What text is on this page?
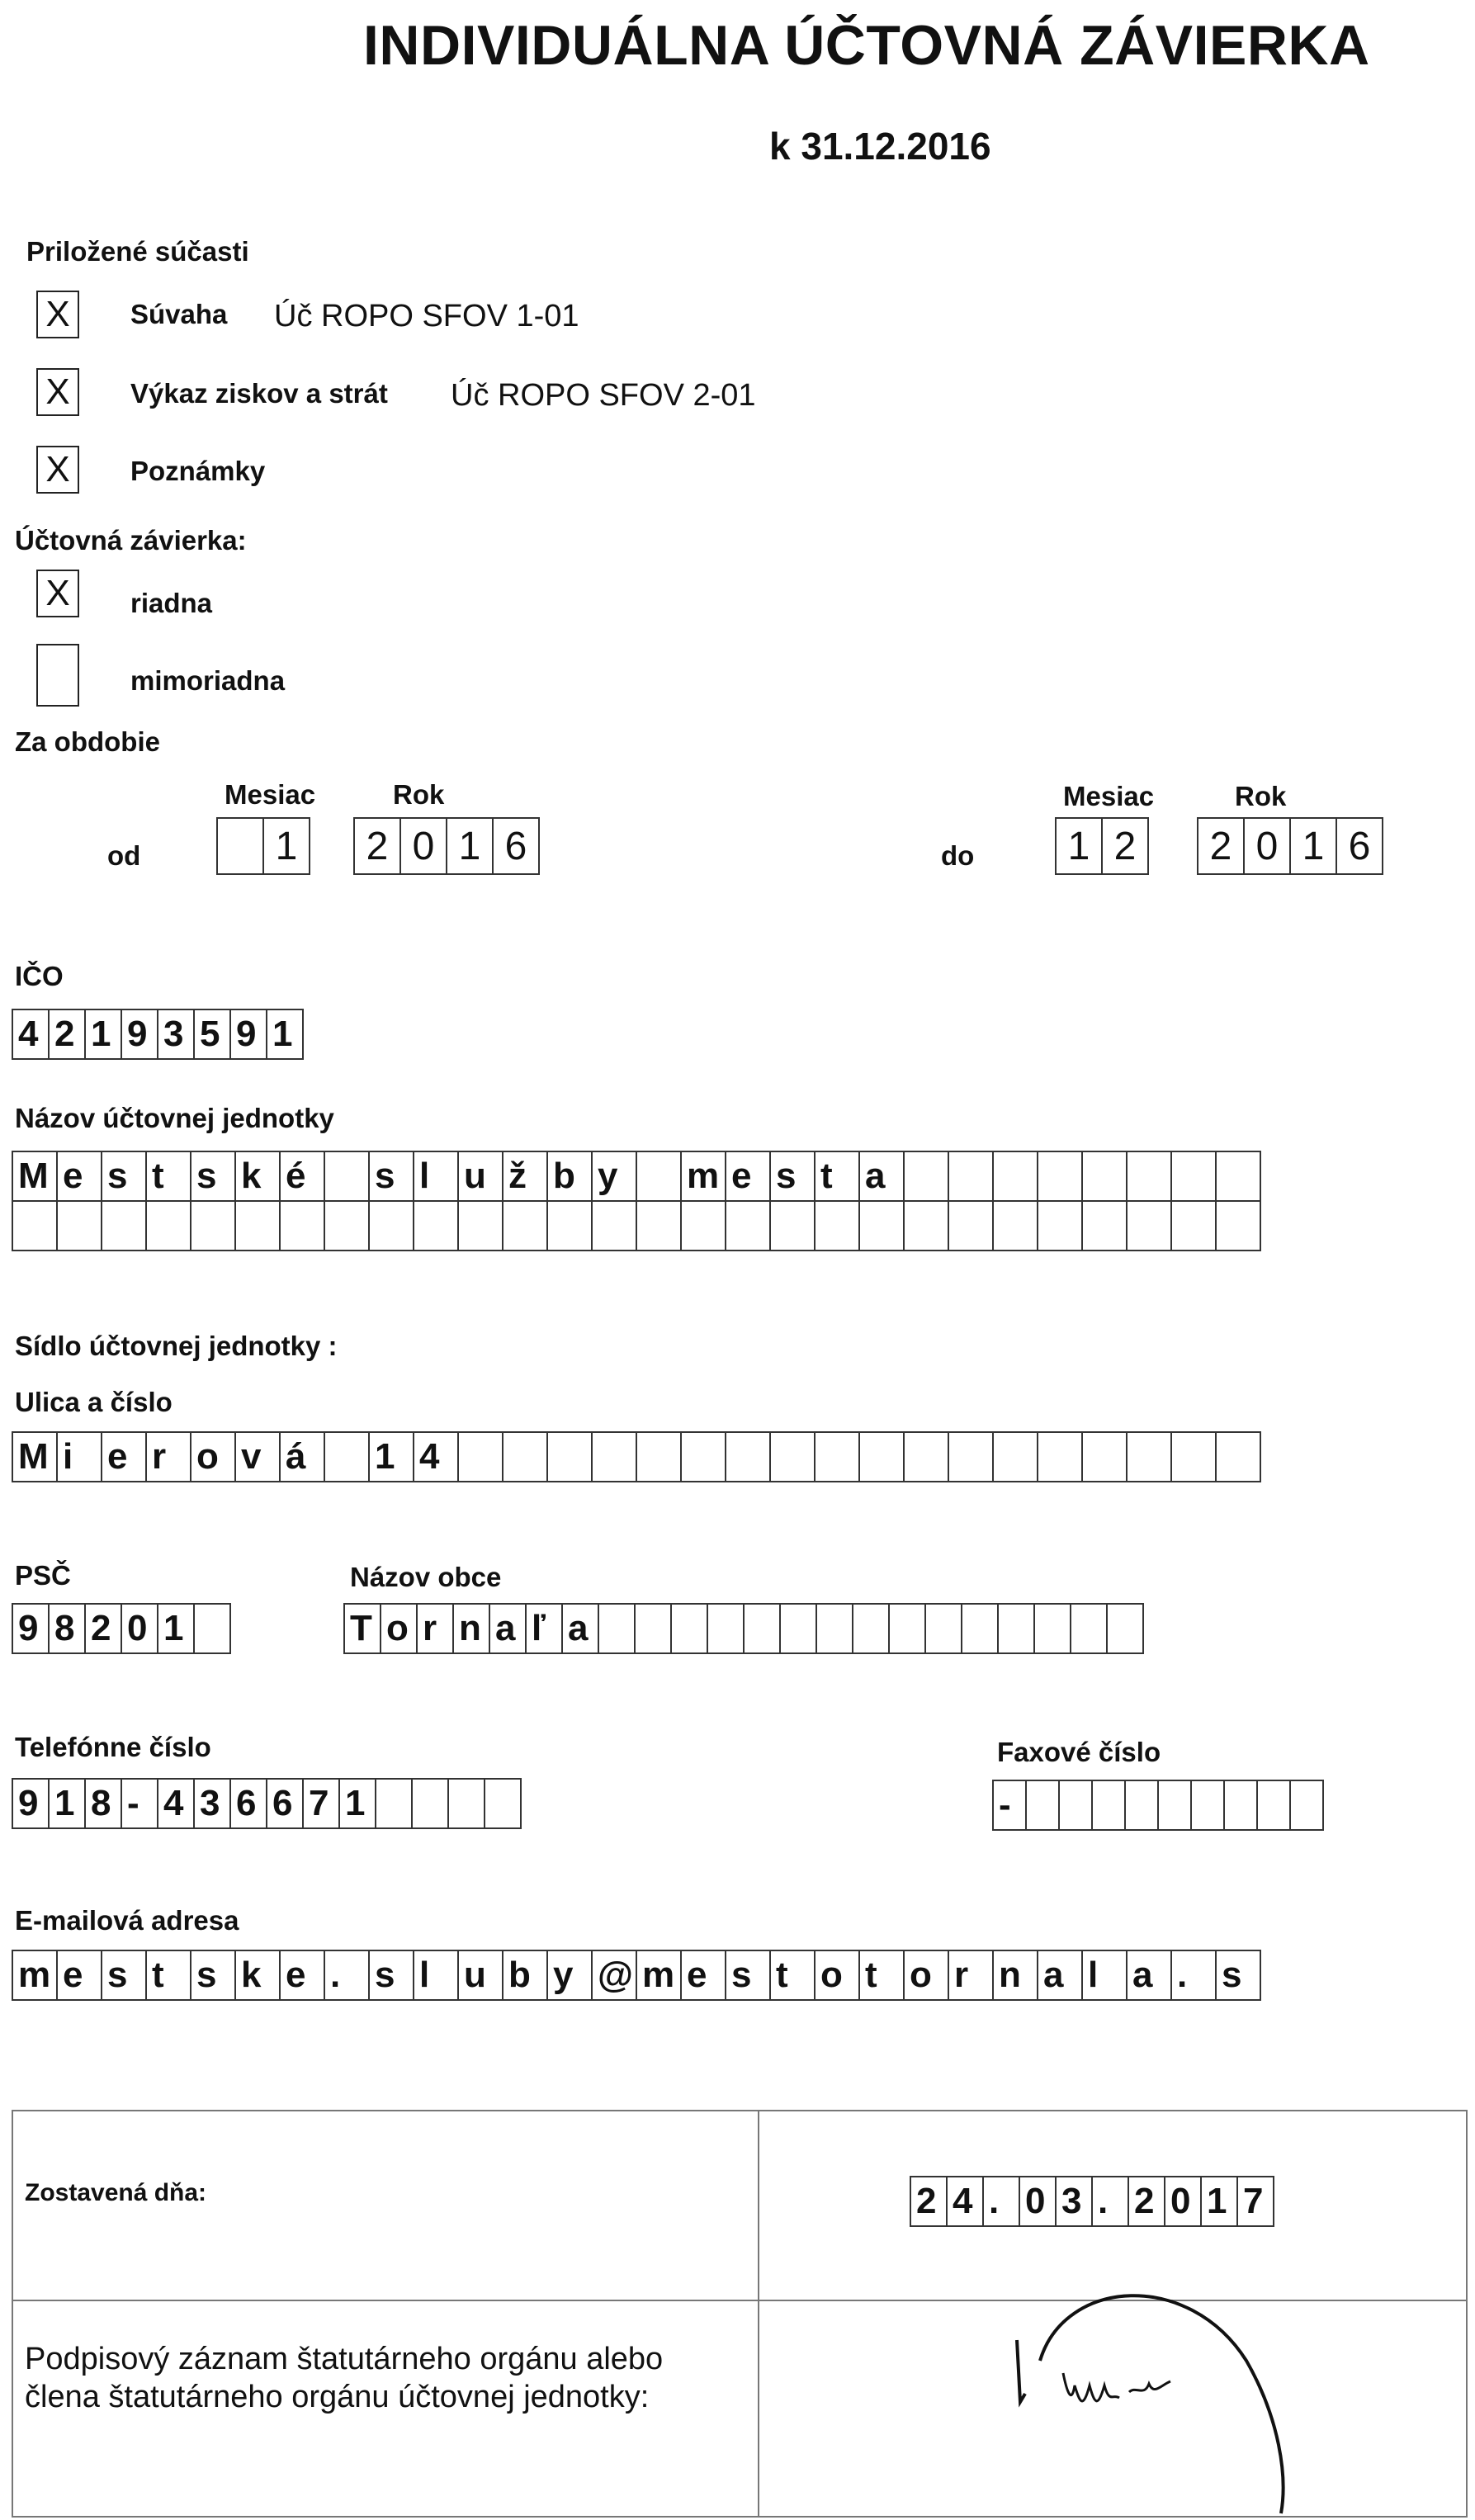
INDIVIDUÁLNA ÚČTOVNÁ ZÁVIERKA
k 31.12.2016
Priložené súčasti
X	Súvaha Úč ROPO SFOV 1-01
X	Výkaz ziskov a strát Úč ROPO SFOV 2-01
X	Poznámky
Účtovná závierka:
X	riadna
mimoriadna
Za obdobie
Mesiac	Rok
od	1	2 0 1 6
Mesiac	Rok
do	1 2	2 0 1 6
IČO
4 2 1 9 3 5 9 1
Názov účtovnej jednotky
M e s t s k é	s l u ž b y	m e s t a
Sídlo účtovnej jednotky :
Ulica a číslo
M i e r o v á	1 4
PSČ
9 8 2 0 1
Názov obce
T o r n a ľ a
Telefónne číslo
9 1 8 - 4 3 6 6 7 1
Faxové číslo
-
E-mailová adresa
m e s t s k e . s l u b y @ m e s t o t o r n a l a . s
Zostavená dňa:	2 4 . 0 3 . 2 0 1 7
Podpisový záznam štatutárneho orgánu alebo
člena štatutárneho orgánu účtovnej jednotky:
